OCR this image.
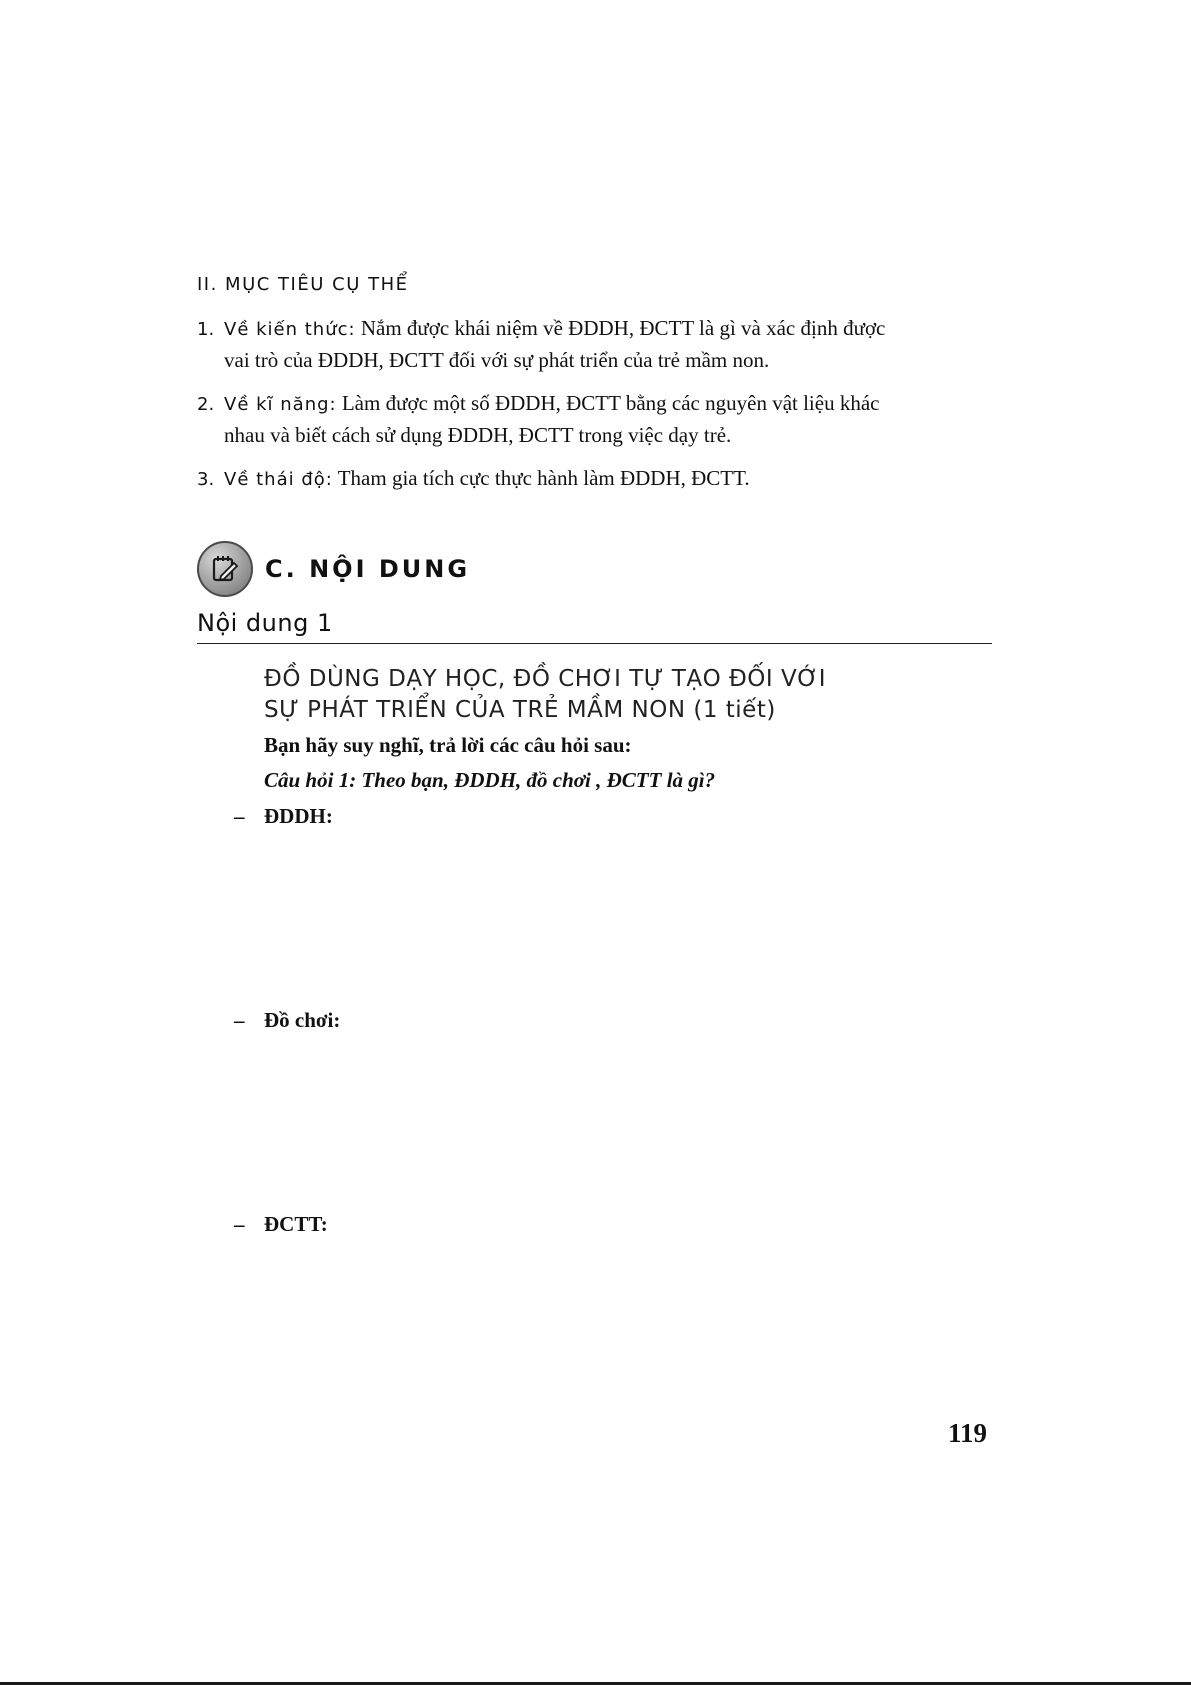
II. MỤC TIÊU CỤ THỂ
1. Về kiến thức: Nắm được khái niệm về ĐDDH, ĐCTT là gì và xác định được
vai trò của ĐDDH, ĐCTT đối với sự phát triển của trẻ mầm non.
2. Về kĩ năng: Làm được một số ĐDDH, ĐCTT bằng các nguyên vật liệu khác
nhau và biết cách sử dụng ĐDDH, ĐCTT trong việc dạy trẻ.
3. Về thái độ: Tham gia tích cực thực hành làm ĐDDH, ĐCTT.
C. NỘI DUNG
Nội dung 1
ĐỒ DÙNG DẠY HỌC, ĐỒ CHƠI TỰ TẠO ĐỐI VỚI
SỰ PHÁT TRIỂN CỦA TRẺ MẦM NON (1 tiết)
Bạn hãy suy nghĩ, trả lời các câu hỏi sau:
Câu hỏi 1: Theo bạn, ĐDDH, đồ chơi , ĐCTT là gì?
– ĐDDH:
– Đồ chơi:
– ĐCTT:
119
